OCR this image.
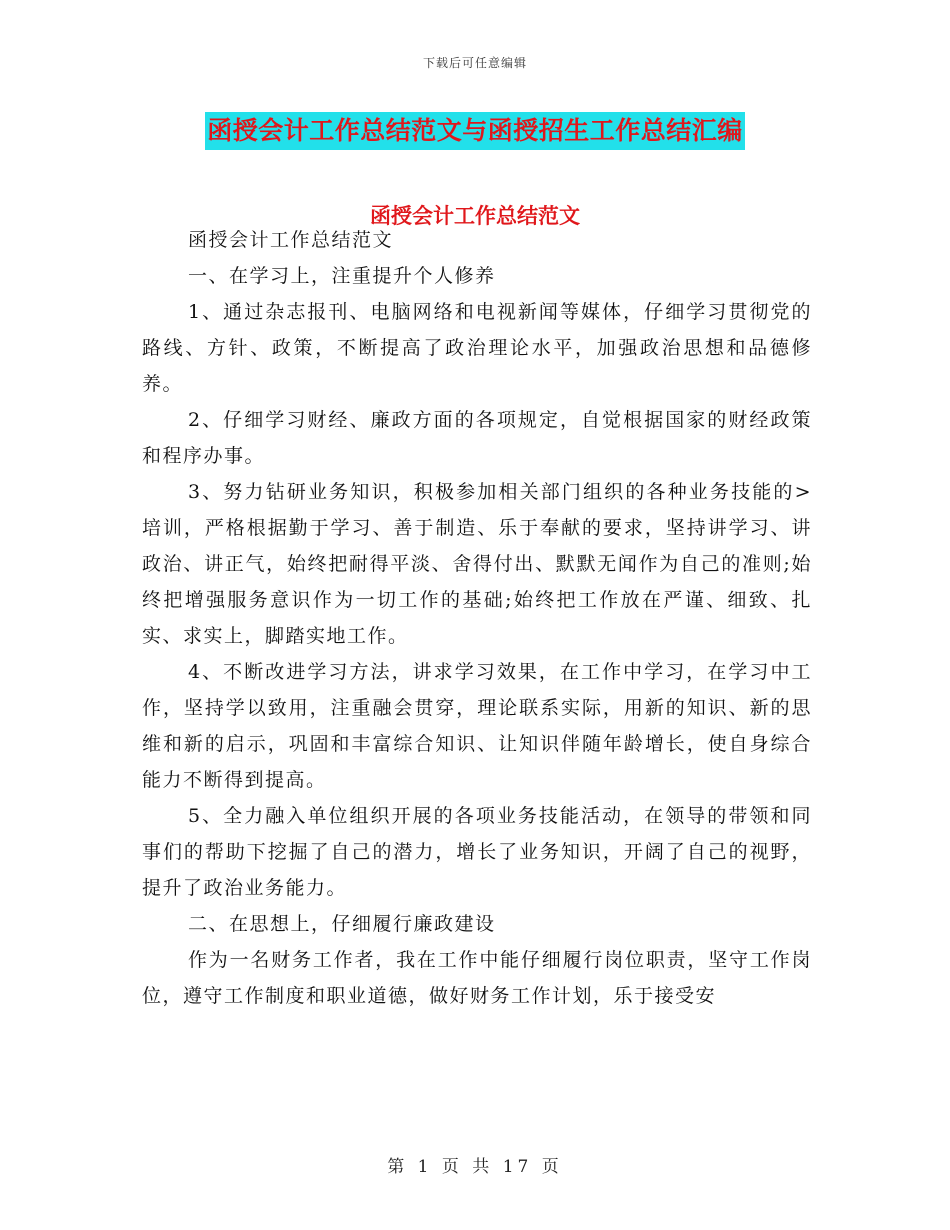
下载后可任意编辑
函授会计工作总结范文与函授招生工作总结汇编
函授会计工作总结范文

函授会计工作总结范文

一、在学习上，注重提升个人修养

1、通过杂志报刊、电脑网络和电视新闻等媒体，仔细学习贯彻党的路线、方针、政策，不断提高了政治理论水平，加强政治思想和品德修养。

2、仔细学习财经、廉政方面的各项规定，自觉根据国家的财经政策和程序办事。

3、努力钻研业务知识，积极参加相关部门组织的各种业务技能的>培训，严格根据勤于学习、善于制造、乐于奉献的要求，坚持讲学习、讲政治、讲正气，始终把耐得平淡、舍得付出、默默无闻作为自己的准则;始终把增强服务意识作为一切工作的基础;始终把工作放在严谨、细致、扎实、求实上，脚踏实地工作。

4、不断改进学习方法，讲求学习效果，在工作中学习，在学习中工作，坚持学以致用，注重融会贯穿，理论联系实际，用新的知识、新的思维和新的启示，巩固和丰富综合知识、让知识伴随年龄增长，使自身综合能力不断得到提高。

5、全力融入单位组织开展的各项业务技能活动，在领导的带领和同事们的帮助下挖掘了自己的潜力，增长了业务知识，开阔了自己的视野，提升了政治业务能力。

二、在思想上，仔细履行廉政建设

作为一名财务工作者，我在工作中能仔细履行岗位职责，坚守工作岗位，遵守工作制度和职业道德，做好财务工作计划，乐于接受安

第 1 页 共 17 页
